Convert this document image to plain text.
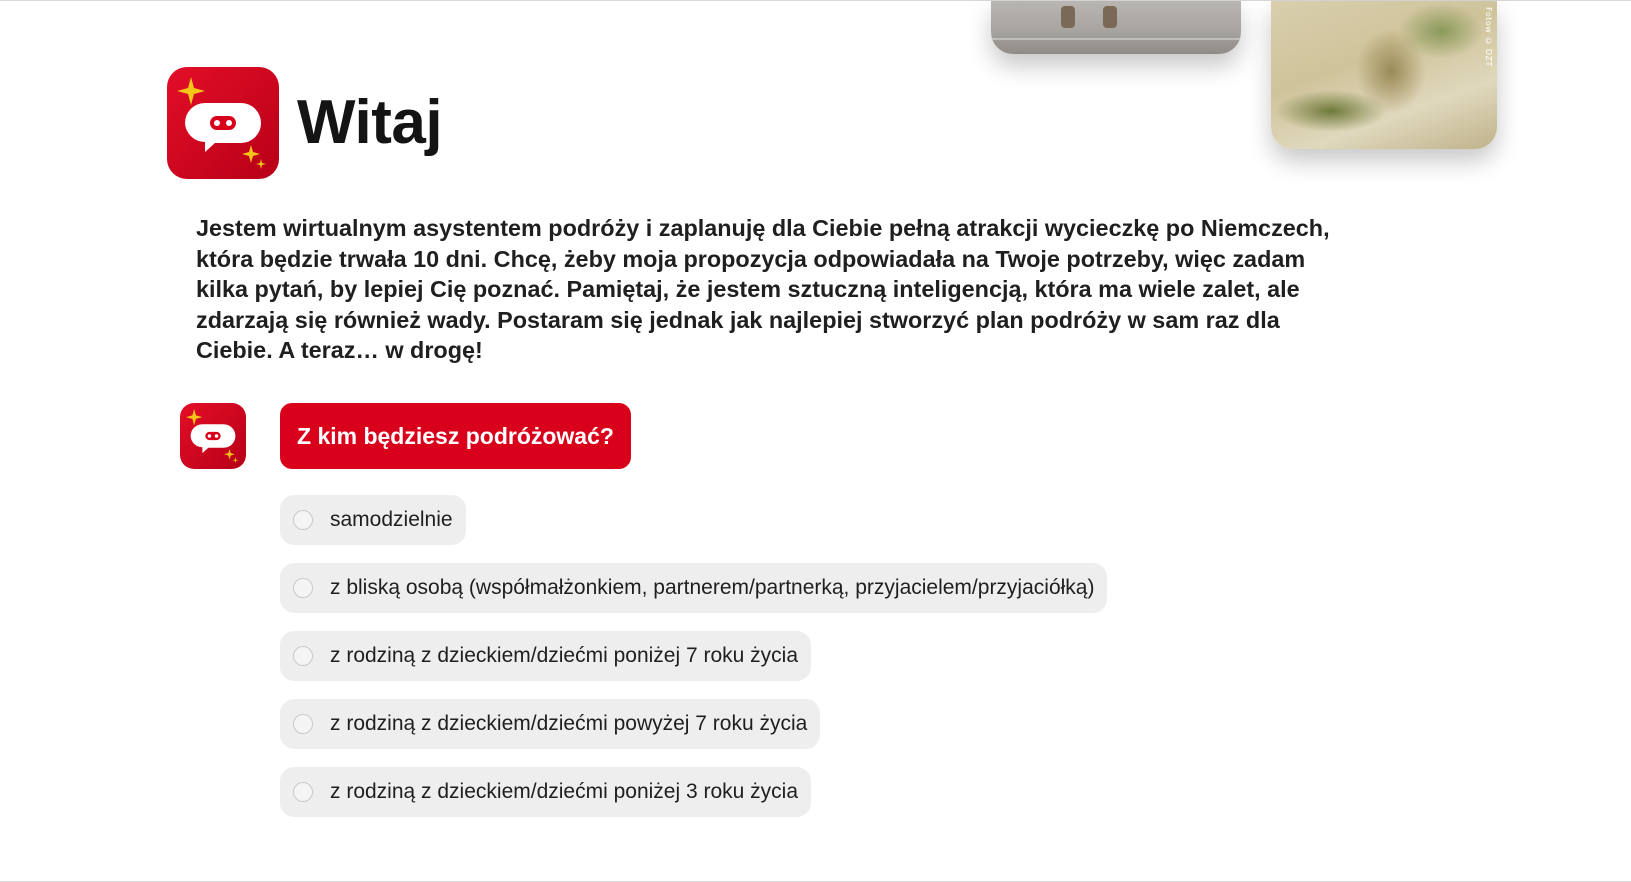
Fotow © DZT
Witaj

Jestem wirtualnym asystentem podróży i zaplanuję dla Ciebie pełną atrakcji wycieczkę po Niemczech, która będzie trwała 10 dni. Chcę, żeby moja propozycja odpowiadała na Twoje potrzeby, więc zadam kilka pytań, by lepiej Cię poznać. Pamiętaj, że jestem sztuczną inteligencją, która ma wiele zalet, ale zdarzają się również wady. Postaram się jednak jak najlepiej stworzyć plan podróży w sam raz dla Ciebie. A teraz… w drogę!

Z kim będziesz podróżować?
samodzielnie
z bliską osobą (współmałżonkiem, partnerem/partnerką, przyjacielem/przyjaciółką)
z rodziną z dzieckiem/dziećmi poniżej 7 roku życia
z rodziną z dzieckiem/dziećmi powyżej 7 roku życia
z rodziną z dzieckiem/dziećmi poniżej 3 roku życia
